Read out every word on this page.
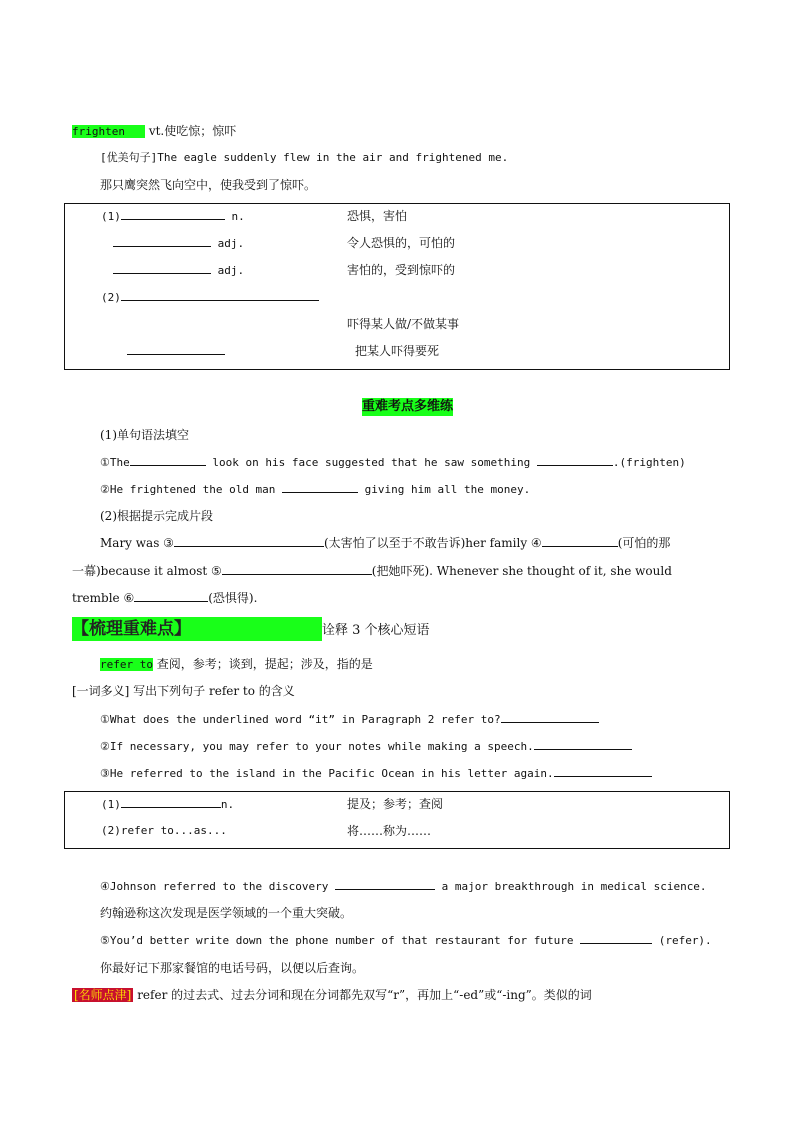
frighten vt.使吃惊；惊吓
[优美句子]The eagle suddenly flew in the air and frightened me.
那只鹰突然飞向空中，使我受到了惊吓。
(1)	n.	恐惧，害怕
adj.	令人恐惧的，可怕的
adj.	害怕的，受到惊吓的
(2)
吓得某人做/不做某事
把某人吓得要死
重难考点多维练
(1)单句语法填空
①The	look on his face suggested that he saw something	.(frighten)
②He frightened the old man	giving him all the money.
(2)根据提示完成片段
Mary was ③	(太害怕了以至于不敢告诉)her family ④	(可怕的那
一幕)because it almost ⑤	(把她吓死). Whenever she thought of it, she would
tremble ⑥	(恐惧得).
【梳理重难点】	诠释 3 个核心短语
refer to 查阅，参考；谈到，提起；涉及，指的是
[一词多义] 写出下列句子 refer to 的含义
①What does the underlined word “it” in Paragraph 2 refer to?
②If necessary, you may refer to your notes while making a speech.
③He referred to the island in the Pacific Ocean in his letter again.
(1)	n.	提及；参考；查阅
(2)refer to...as...	将……称为……
④Johnson referred to the discovery	a major breakthrough in medical science.
约翰逊称这次发现是医学领域的一个重大突破。
⑤You’d better write down the phone number of that restaurant for future	(refer).
你最好记下那家餐馆的电话号码，以便以后查询。
[名师点津] refer 的过去式、过去分词和现在分词都先双写“r”，再加上“-ed”或“-ing”。类似的词
